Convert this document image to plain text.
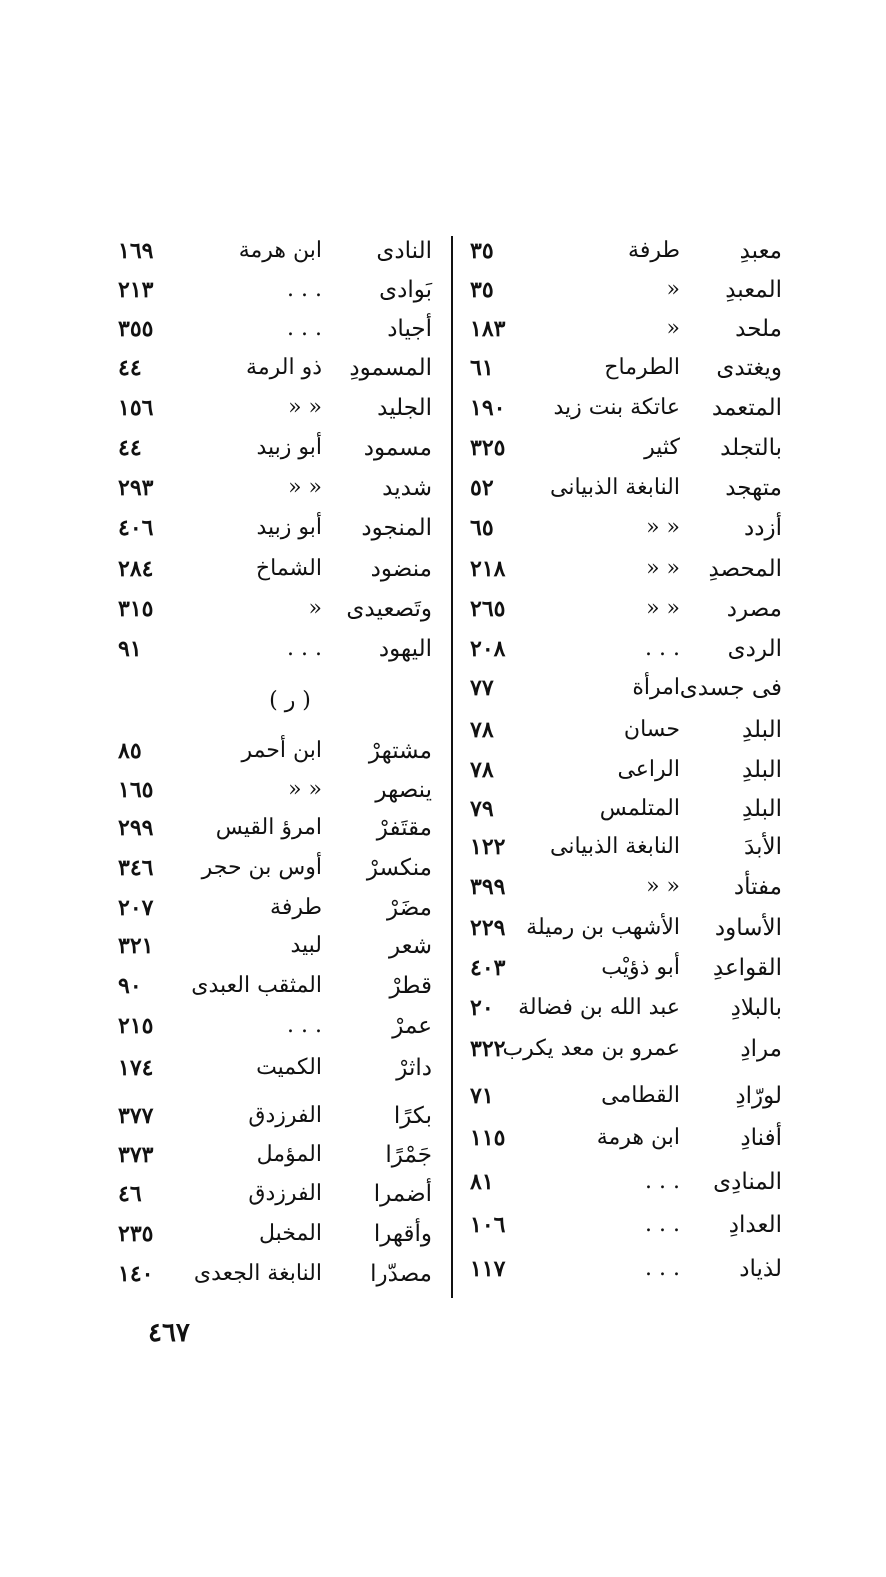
معبدِ
طرفة
٣٥
المعبدِ
»
٣٥
ملحد
»
١٨٣
ويغتدى
الطرماح
٦١
المتعمد
عاتكة بنت زيد
١٩٠
بالتجلد
كثير
٣٢٥
متهجد
النابغة الذبيانى
٥٢
أزدد
» »
٦٥
المحصدِ
» »
٢١٨
مصرد
» »
٢٦٥
الردى
. . .
٢٠٨
فى جسدى
امرأة
٧٧
البلدِ
حسان
٧٨
البلدِ
الراعى
٧٨
البلدِ
المتلمس
٧٩
الأبدَ
النابغة الذبيانى
١٢٢
مفتأد
» »
٣٩٩
الأساود
الأشهب بن رميلة
٢٢٩
القواعدِ
أبو ذؤيْب
٤٠٣
بالبلادِ
عبد الله بن فضالة
٢٠
مرادِ
عمرو بن معد يكرب
٣٢٢
لورّادِ
القطامى
٧١
أفنادِ
ابن هرمة
١١٥
المنادِى
. . .
٨١
العدادِ
. . .
١٠٦
لذياد
. . .
١١٧
النادى
ابن هرمة
١٦٩
بَوادى
. . .
٢١٣
أجياد
. . .
٣٥٥
المسمودِ
ذو الرمة
٤٤
الجليد
» »
١٥٦
مسمود
أبو زبيد
٤٤
شديد
» »
٢٩٣
المنجود
أبو زبيد
٤٠٦
منضود
الشماخ
٢٨٤
وتَصعيدى
»
٣١٥
اليهود
. . .
٩١
( ر )
مشتهرْ
ابن أحمر
٨٥
ينصهر
» »
١٦٥
مقتَفرْ
امرؤ القيس
٢٩٩
منكسرْ
أوس بن حجر
٣٤٦
مضَرْ
طرفة
٢٠٧
شعر
لبيد
٣٢١
قطرْ
المثقب العبدى
٩٠
عمرْ
. . .
٢١٥
داثرْ
الكميت
١٧٤
بكرًا
الفرزدق
٣٧٧
جَمْرًا
المؤمل
٣٧٣
أضمرا
الفرزدق
٤٦
وأقهرا
المخبل
٢٣٥
مصدّرا
النابغة الجعدى
١٤٠
٤٦٧
